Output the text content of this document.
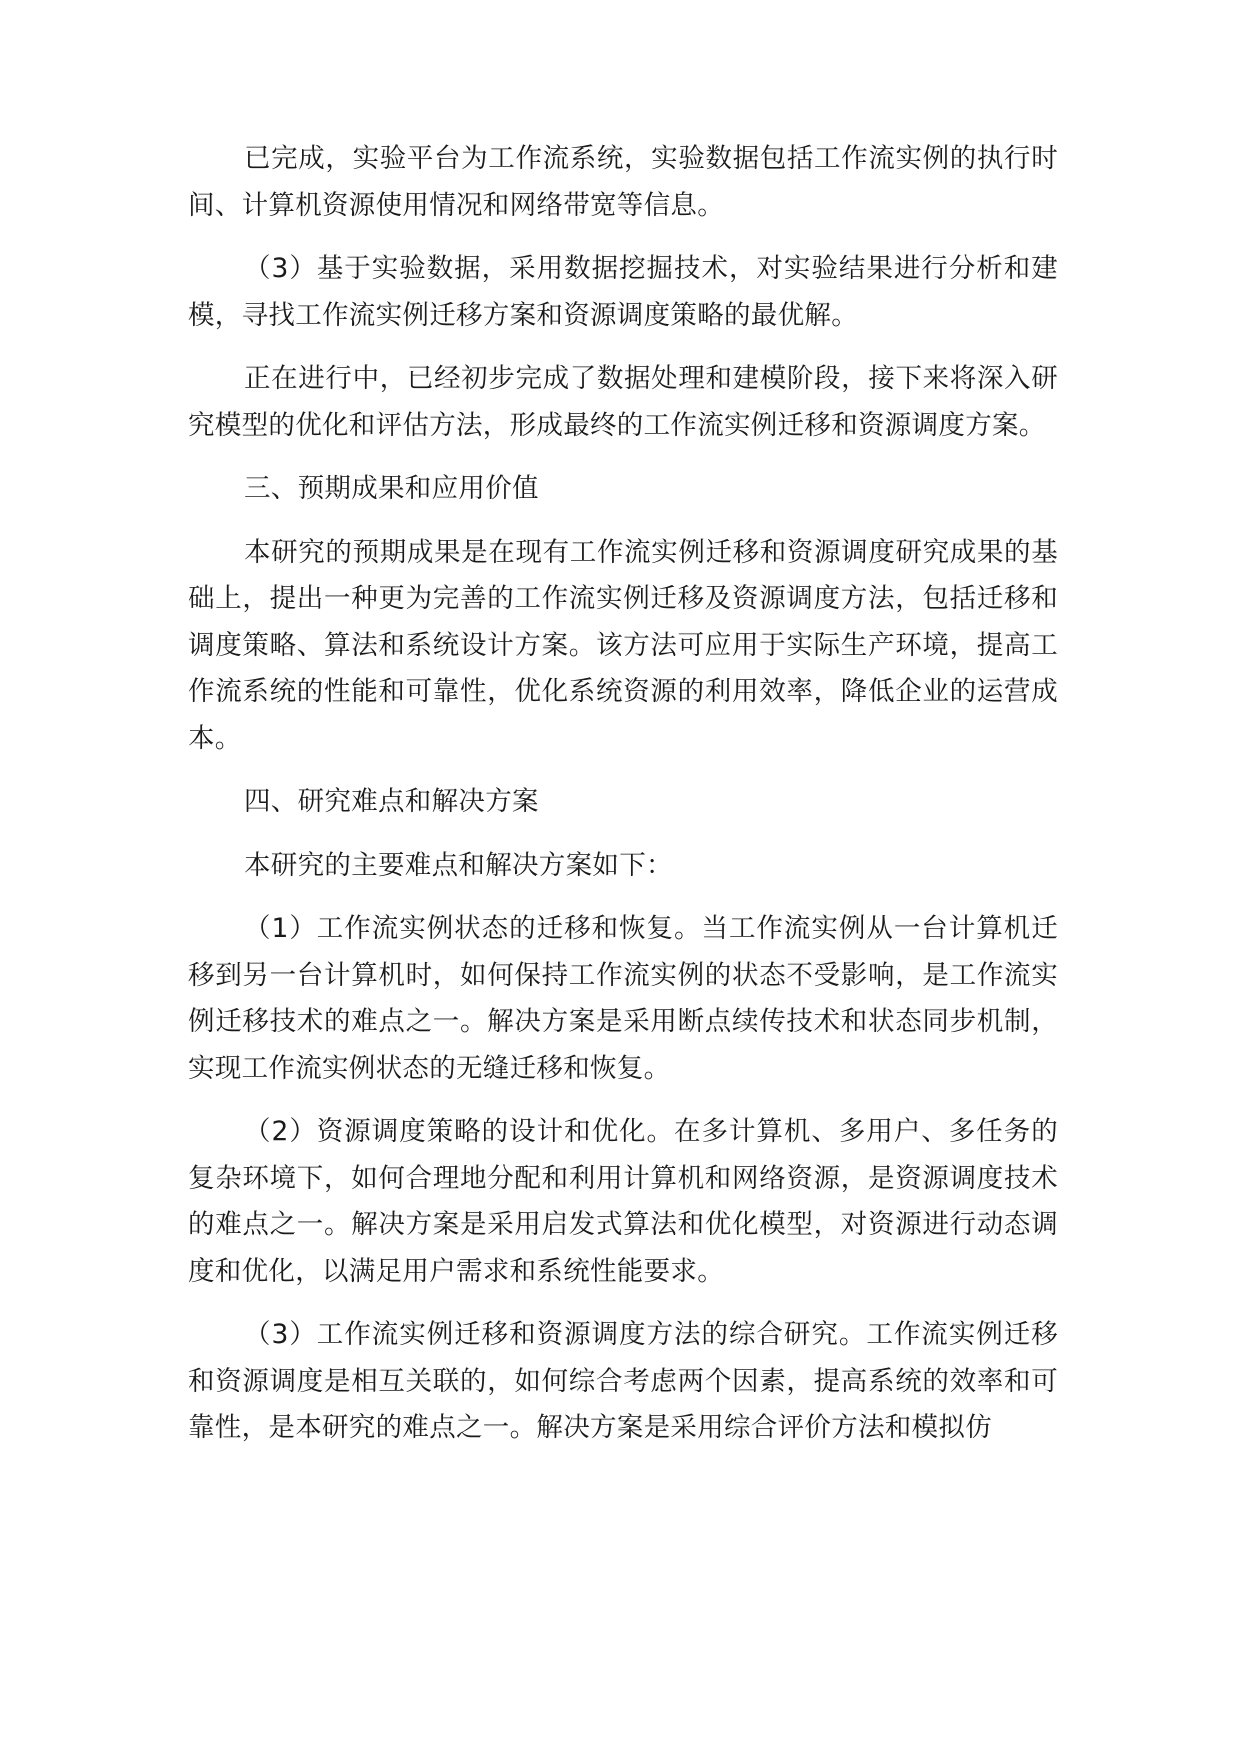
已完成，实验平台为工作流系统，实验数据包括工作流实例的执行时间、计算机资源使用情况和网络带宽等信息。

（3）基于实验数据，采用数据挖掘技术，对实验结果进行分析和建模，寻找工作流实例迁移方案和资源调度策略的最优解。

正在进行中，已经初步完成了数据处理和建模阶段，接下来将深入研究模型的优化和评估方法，形成最终的工作流实例迁移和资源调度方案。

三、预期成果和应用价值

本研究的预期成果是在现有工作流实例迁移和资源调度研究成果的基础上，提出一种更为完善的工作流实例迁移及资源调度方法，包括迁移和调度策略、算法和系统设计方案。该方法可应用于实际生产环境，提高工作流系统的性能和可靠性，优化系统资源的利用效率，降低企业的运营成本。

四、研究难点和解决方案

本研究的主要难点和解决方案如下：

（1）工作流实例状态的迁移和恢复。当工作流实例从一台计算机迁移到另一台计算机时，如何保持工作流实例的状态不受影响，是工作流实例迁移技术的难点之一。解决方案是采用断点续传技术和状态同步机制，实现工作流实例状态的无缝迁移和恢复。

（2）资源调度策略的设计和优化。在多计算机、多用户、多任务的复杂环境下，如何合理地分配和利用计算机和网络资源，是资源调度技术的难点之一。解决方案是采用启发式算法和优化模型，对资源进行动态调度和优化，以满足用户需求和系统性能要求。

（3）工作流实例迁移和资源调度方法的综合研究。工作流实例迁移和资源调度是相互关联的，如何综合考虑两个因素，提高系统的效率和可靠性，是本研究的难点之一。解决方案是采用综合评价方法和模拟仿
